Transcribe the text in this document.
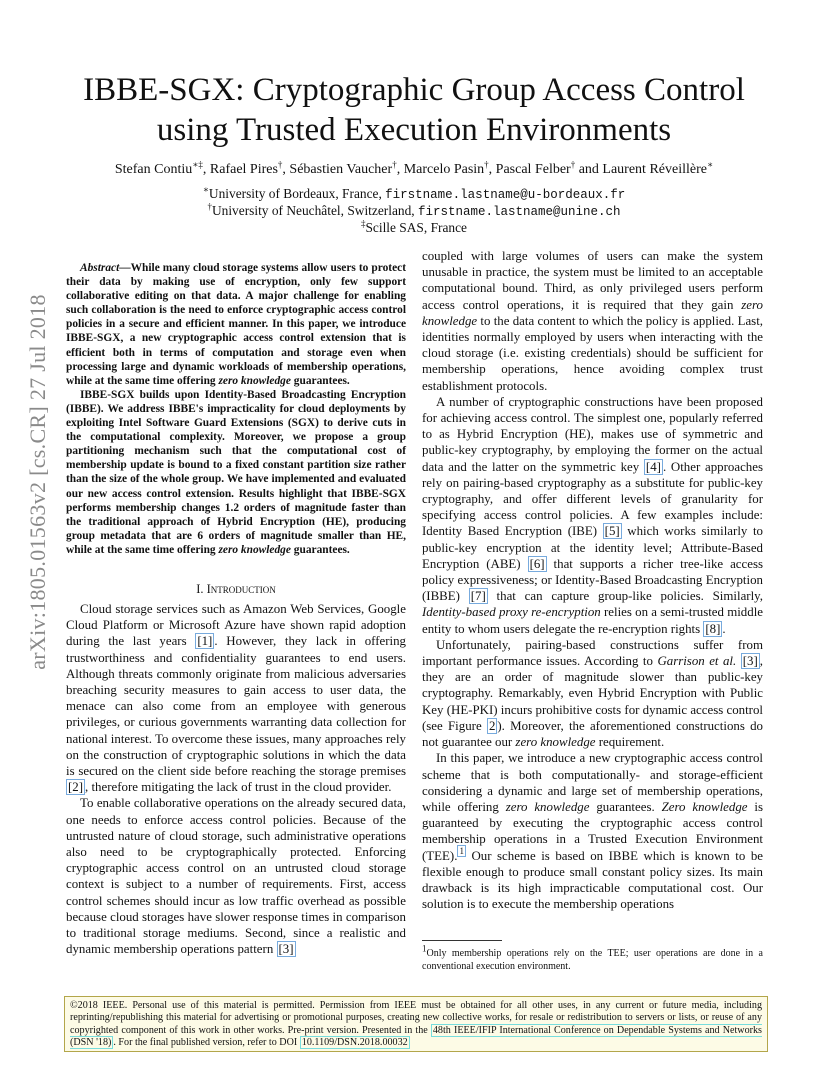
arXiv:1805.01563v2 [cs.CR] 27 Jul 2018
IBBE-SGX: Cryptographic Group Access Control
using Trusted Execution Environments
Stefan Contiu∗‡, Rafael Pires†, Sébastien Vaucher†, Marcelo Pasin†, Pascal Felber† and Laurent Réveillère∗
∗University of Bordeaux, France, firstname.lastname@u-bordeaux.fr
†University of Neuchâtel, Switzerland, firstname.lastname@unine.ch
‡Scille SAS, France

Abstract—While many cloud storage systems allow users to protect their data by making use of encryption, only few support collaborative editing on that data. A major challenge for enabling such collaboration is the need to enforce cryptographic access control policies in a secure and efficient manner. In this paper, we introduce IBBE-SGX, a new cryptographic access control extension that is efficient both in terms of computation and storage even when processing large and dynamic workloads of membership operations, while at the same time offering zero knowledge guarantees.

IBBE-SGX builds upon Identity-Based Broadcasting Encryption (IBBE). We address IBBE's impracticality for cloud deployments by exploiting Intel Software Guard Extensions (SGX) to derive cuts in the computational complexity. Moreover, we propose a group partitioning mechanism such that the computational cost of membership update is bound to a fixed constant partition size rather than the size of the whole group. We have implemented and evaluated our new access control extension. Results highlight that IBBE-SGX performs membership changes 1.2 orders of magnitude faster than the traditional approach of Hybrid Encryption (HE), producing group metadata that are 6 orders of magnitude smaller than HE, while at the same time offering zero knowledge guarantees.

I. Introduction

Cloud storage services such as Amazon Web Services, Google Cloud Platform or Microsoft Azure have shown rapid adoption during the last years [1] . However, they lack in offering trustworthiness and confidentiality guarantees to end users. Although threats commonly originate from malicious adversaries breaching security measures to gain access to user data, the menace can also come from an employee with generous privileges, or curious governments warranting data collection for national interest. To overcome these issues, many approaches rely on the construction of cryptographic solutions in which the data is secured on the client side before reaching the storage premises [2] , therefore mitigating the lack of trust in the cloud provider.

To enable collaborative operations on the already secured data, one needs to enforce access control policies. Because of the untrusted nature of cloud storage, such administrative operations also need to be cryptographically protected. Enforcing cryptographic access control on an untrusted cloud storage context is subject to a number of requirements. First, access control schemes should incur as low traffic overhead as possible because cloud storages have slower response times in comparison to traditional storage mediums. Second, since a realistic and dynamic membership operations pattern [3]

coupled with large volumes of users can make the system unusable in practice, the system must be limited to an acceptable computational bound. Third, as only privileged users perform access control operations, it is required that they gain zero knowledge to the data content to which the policy is applied. Last, identities normally employed by users when interacting with the cloud storage (i.e. existing credentials) should be sufficient for membership operations, hence avoiding complex trust establishment protocols.

A number of cryptographic constructions have been proposed for achieving access control. The simplest one, popularly referred to as Hybrid Encryption (HE), makes use of symmetric and public-key cryptography, by employing the former on the actual data and the latter on the symmetric key [4] . Other approaches rely on pairing-based cryptography as a substitute for public-key cryptography, and offer different levels of granularity for specifying access control policies. A few examples include: Identity Based Encryption (IBE) [5] which works similarly to public-key encryption at the identity level; Attribute-Based Encryption (ABE) [6] that supports a richer tree-like access policy expressiveness; or Identity-Based Broadcasting Encryption (IBBE) [7] that can capture group-like policies. Similarly, Identity-based proxy re-encryption relies on a semi-trusted middle entity to whom users delegate the re-encryption rights [8] .

Unfortunately, pairing-based constructions suffer from important performance issues. According to Garrison et al. [3] , they are an order of magnitude slower than public-key cryptography. Remarkably, even Hybrid Encryption with Public Key (HE-PKI) incurs prohibitive costs for dynamic access control (see Figure 2 ). Moreover, the aforementioned constructions do not guarantee our zero knowledge requirement.

In this paper, we introduce a new cryptographic access control scheme that is both computationally- and storage-efficient considering a dynamic and large set of membership operations, while offering zero knowledge guarantees. Zero knowledge is guaranteed by executing the cryptographic access control membership operations in a Trusted Execution Environment (TEE). $^1$ Our scheme is based on IBBE which is known to be flexible enough to produce small constant policy sizes. Its main drawback is its high impracticable computational cost. Our solution is to execute the membership operations

$^1$Only membership operations rely on the TEE; user operations are done in a conventional execution environment.
©2018 IEEE. Personal use of this material is permitted. Permission from IEEE must be obtained for all other uses, in any current or future media, including reprinting/republishing this material for advertising or promotional purposes, creating new collective works, for resale or redistribution to servers or lists, or reuse of any copyrighted component of this work in other works. Pre-print version. Presented in the 48th IEEE/IFIP International Conference on Dependable Systems and Networks (DSN '18) . For the final published version, refer to DOI 10.1109/DSN.2018.00032
